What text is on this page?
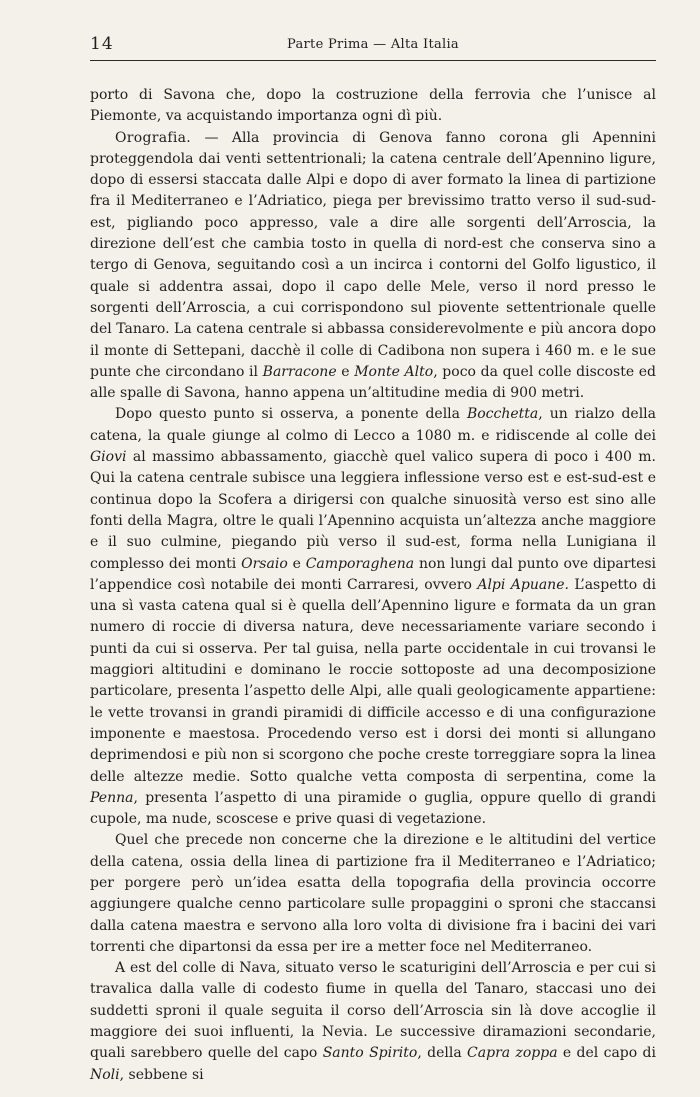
14	Parte Prima — Alta Italia

porto di Savona che, dopo la costruzione della ferrovia che l’unisce al Piemonte, va acquistando importanza ogni dì più.

Orografia. — Alla provincia di Genova fanno corona gli Apennini proteggendola dai venti settentrionali; la catena centrale dell’Apennino ligure, dopo di essersi staccata dalle Alpi e dopo di aver formato la linea di partizione fra il Mediterraneo e l’Adriatico, piega per brevissimo tratto verso il sud-sud-est, pigliando poco appresso, vale a dire alle sorgenti dell’Arroscia, la direzione dell’est che cambia tosto in quella di nord-est che conserva sino a tergo di Genova, seguitando così a un incirca i contorni del Golfo ligustico, il quale si addentra assai, dopo il capo delle Mele, verso il nord presso le sorgenti dell’Arroscia, a cui corrispondono sul piovente settentrionale quelle del Tanaro. La catena centrale si abbassa considerevolmente e più ancora dopo il monte di Settepani, dacchè il colle di Cadibona non supera i 460 m. e le sue punte che circondano il Barracone e Monte Alto, poco da quel colle discoste ed alle spalle di Savona, hanno appena un’altitudine media di 900 metri.

Dopo questo punto si osserva, a ponente della Bocchetta, un rialzo della catena, la quale giunge al colmo di Lecco a 1080 m. e ridiscende al colle dei Giovi al massimo abbassamento, giacchè quel valico supera di poco i 400 m. Qui la catena centrale subisce una leggiera inflessione verso est e est-sud-est e continua dopo la Scofera a dirigersi con qualche sinuosità verso est sino alle fonti della Magra, oltre le quali l’Apennino acquista un’altezza anche maggiore e il suo culmine, piegando più verso il sud-est, forma nella Lunigiana il complesso dei monti Orsaio e Camporaghena non lungi dal punto ove dipartesi l’appendice così notabile dei monti Carraresi, ovvero Alpi Apuane. L’aspetto di una sì vasta catena qual si è quella dell’Apennino ligure e formata da un gran numero di roccie di diversa natura, deve necessariamente variare secondo i punti da cui si osserva. Per tal guisa, nella parte occidentale in cui trovansi le maggiori altitudini e dominano le roccie sottoposte ad una decomposizione particolare, presenta l’aspetto delle Alpi, alle quali geologicamente appartiene: le vette trovansi in grandi piramidi di difficile accesso e di una configurazione imponente e maestosa. Procedendo verso est i dorsi dei monti si allungano deprimendosi e più non si scorgono che poche creste torreggiare sopra la linea delle altezze medie. Sotto qualche vetta composta di serpentina, come la Penna, presenta l’aspetto di una piramide o guglia, oppure quello di grandi cupole, ma nude, scoscese e prive quasi di vegetazione.

Quel che precede non concerne che la direzione e le altitudini del vertice della catena, ossia della linea di partizione fra il Mediterraneo e l’Adriatico; per porgere però un’idea esatta della topografia della provincia occorre aggiungere qualche cenno particolare sulle propaggini o sproni che staccansi dalla catena maestra e servono alla loro volta di divisione fra i bacini dei vari torrenti che dipartonsi da essa per ire a metter foce nel Mediterraneo.

A est del colle di Nava, situato verso le scaturigini dell’Arroscia e per cui si travalica dalla valle di codesto fiume in quella del Tanaro, staccasi uno dei suddetti sproni il quale seguita il corso dell’Arroscia sin là dove accoglie il maggiore dei suoi influenti, la Nevia. Le successive diramazioni secondarie, quali sarebbero quelle del capo Santo Spirito, della Capra zoppa e del capo di Noli, sebbene si
